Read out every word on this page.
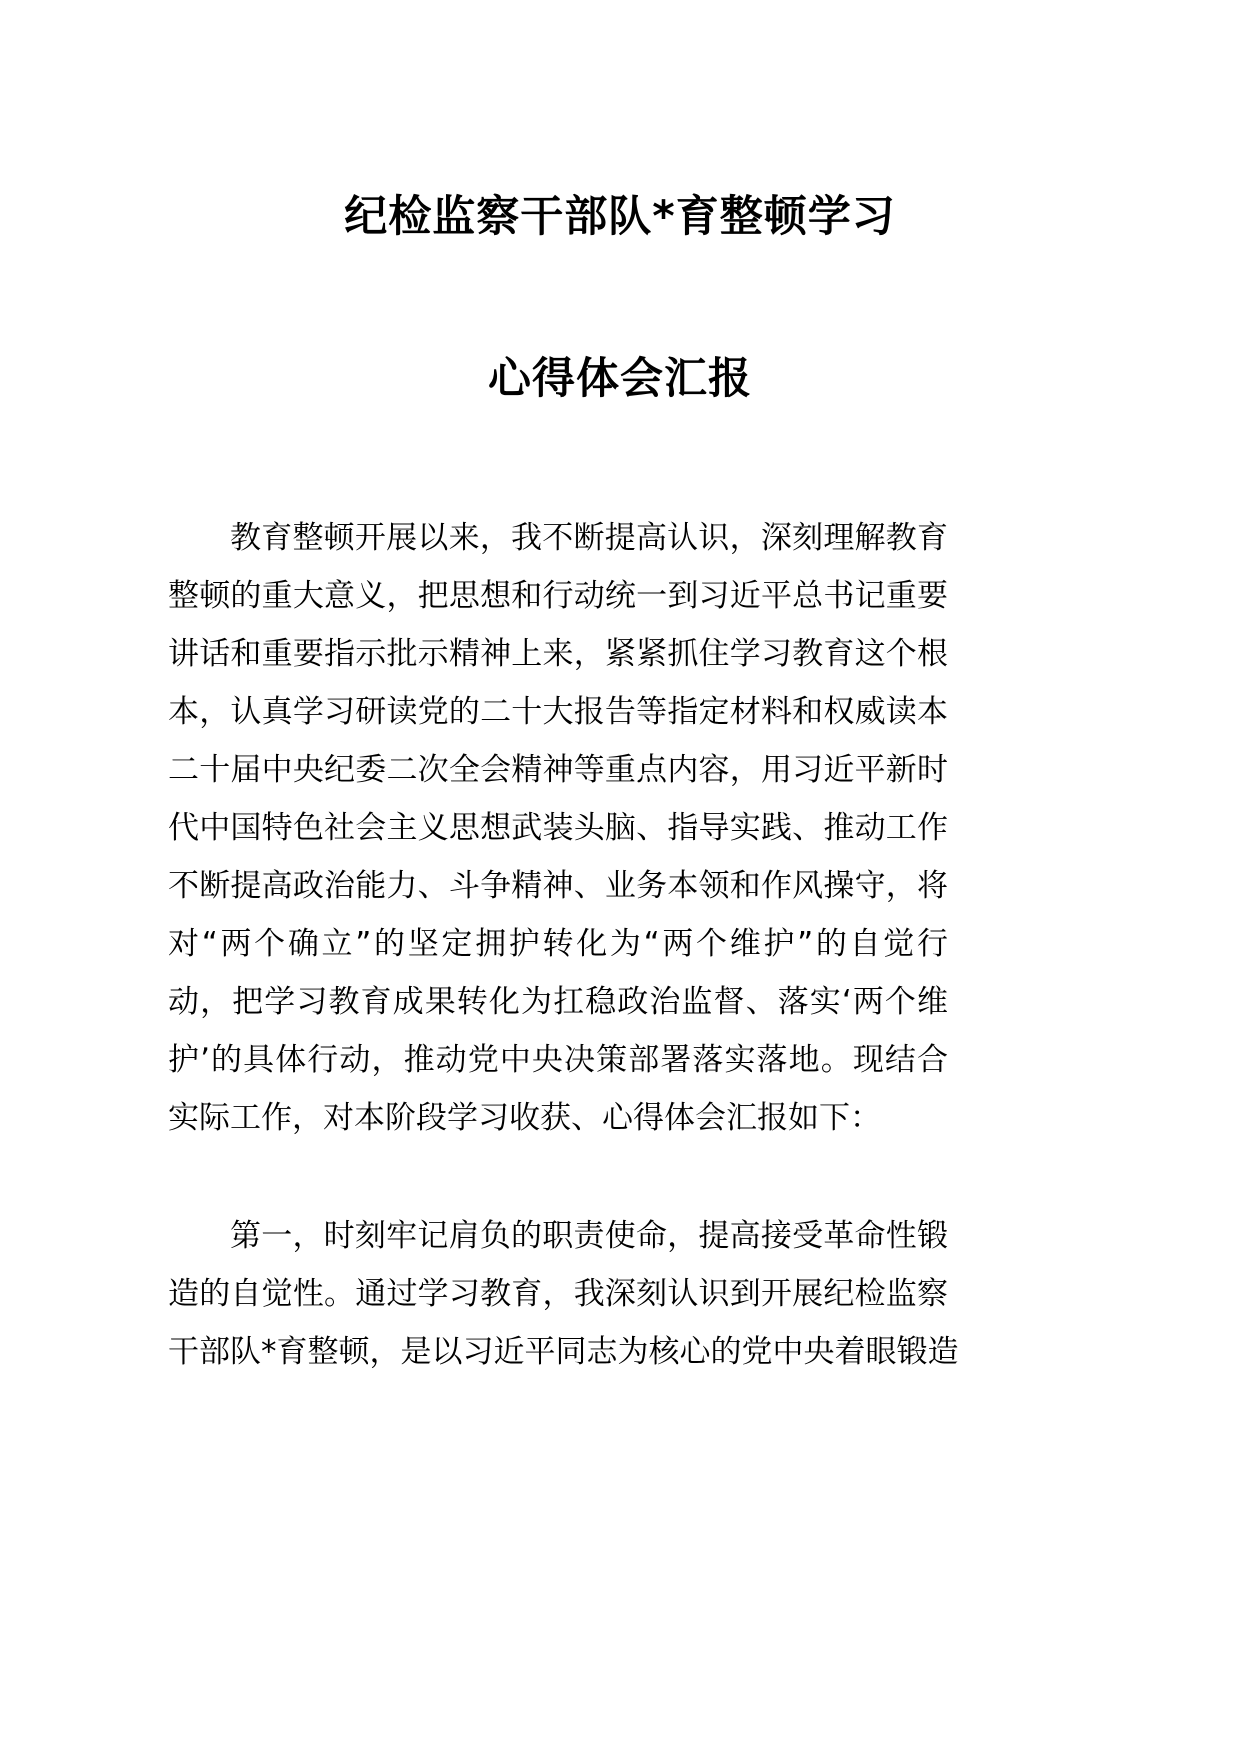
纪检监察干部队*育整顿学习
心得体会汇报
教育整顿开展以来，我不断提高认识，深刻理解教育
整顿的重大意义，把思想和行动统一到习近平总书记重要
讲话和重要指示批示精神上来，紧紧抓住学习教育这个根
本，认真学习研读党的二十大报告等指定材料和权威读本
二十届中央纪委二次全会精神等重点内容，用习近平新时
代中国特色社会主义思想武装头脑、指导实践、推动工作
不断提高政治能力、斗争精神、业务本领和作风操守，将
对“两个确立”的坚定拥护转化为“两个维护”的自觉行
动，把学习教育成果转化为扛稳政治监督、落实‘两个维
护’的具体行动，推动党中央决策部署落实落地。现结合
实际工作，对本阶段学习收获、心得体会汇报如下：
第一，时刻牢记肩负的职责使命，提高接受革命性锻
造的自觉性。通过学习教育，我深刻认识到开展纪检监察
干部队*育整顿，是以习近平同志为核心的党中央着眼锻造
